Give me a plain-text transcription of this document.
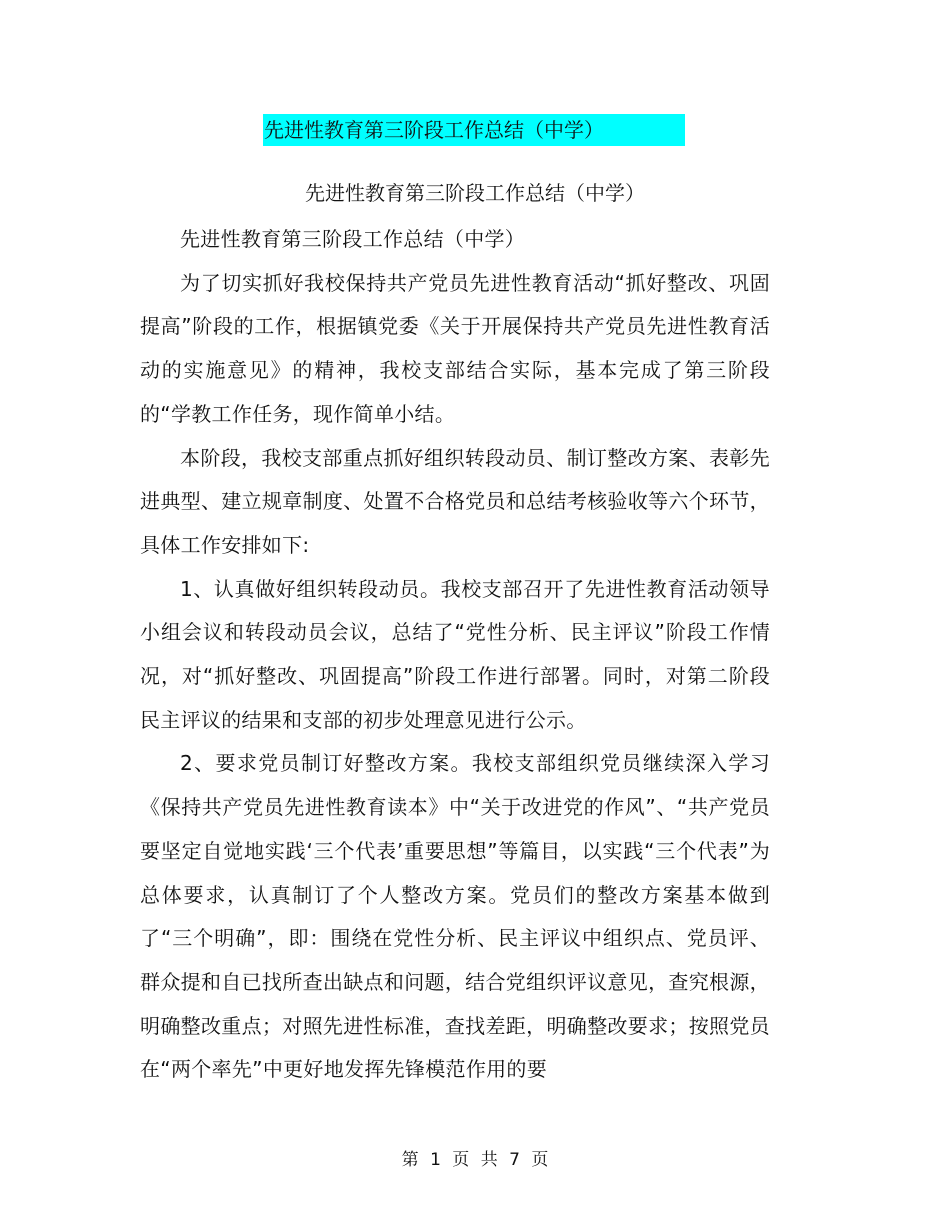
先进性教育第三阶段工作总结（中学）
先进性教育第三阶段工作总结（中学）

先进性教育第三阶段工作总结（中学）

为了切实抓好我校保持共产党员先进性教育活动“抓好整改、巩固提高”阶段的工作，根据镇党委《关于开展保持共产党员先进性教育活动的实施意见》的精神，我校支部结合实际，基本完成了第三阶段的“学教工作任务，现作简单小结。

本阶段，我校支部重点抓好组织转段动员、制订整改方案、表彰先进典型、建立规章制度、处置不合格党员和总结考核验收等六个环节，具体工作安排如下:

1、认真做好组织转段动员。我校支部召开了先进性教育活动领导小组会议和转段动员会议，总结了“党性分析、民主评议”阶段工作情况，对“抓好整改、巩固提高”阶段工作进行部署。同时，对第二阶段民主评议的结果和支部的初步处理意见进行公示。

2、要求党员制订好整改方案。我校支部组织党员继续深入学习《保持共产党员先进性教育读本》中“关于改进党的作风”、“共产党员要坚定自觉地实践‘三个代表’重要思想”等篇目，以实践“三个代表”为总体要求，认真制订了个人整改方案。党员们的整改方案基本做到了“三个明确”，即：围绕在党性分析、民主评议中组织点、党员评、群众提和自已找所查出缺点和问题，结合党组织评议意见，查究根源，明确整改重点；对照先进性标准，查找差距，明确整改要求；按照党员在“两个率先”中更好地发挥先锋模范作用的要

第 1 页 共 7 页
